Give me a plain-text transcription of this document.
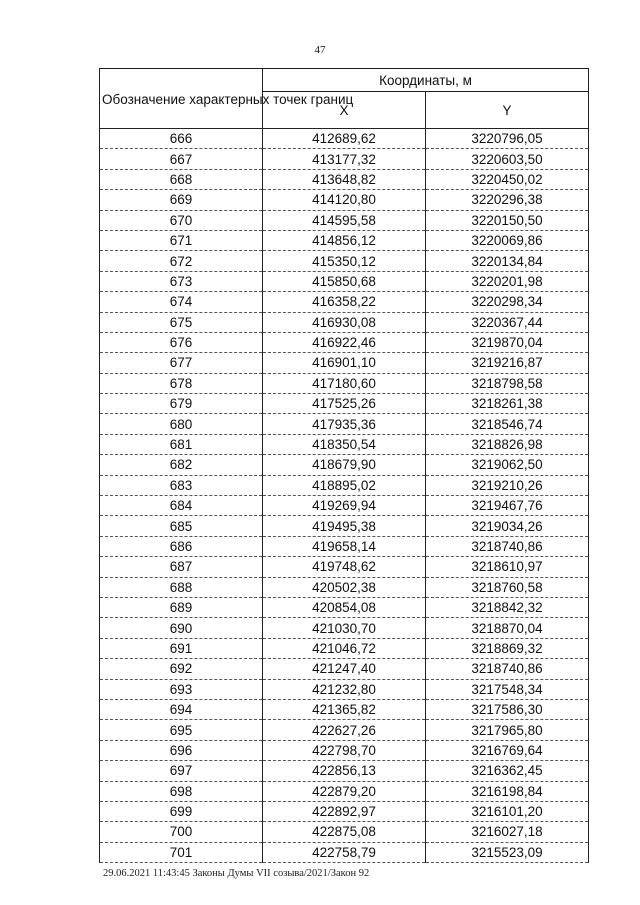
47
Обозначение характерных точек границ	Координаты, м	
	X	Y
666	412689,62	3220796,05
667	413177,32	3220603,50
668	413648,82	3220450,02
669	414120,80	3220296,38
670	414595,58	3220150,50
671	414856,12	3220069,86
672	415350,12	3220134,84
673	415850,68	3220201,98
674	416358,22	3220298,34
675	416930,08	3220367,44
676	416922,46	3219870,04
677	416901,10	3219216,87
678	417180,60	3218798,58
679	417525,26	3218261,38
680	417935,36	3218546,74
681	418350,54	3218826,98
682	418679,90	3219062,50
683	418895,02	3219210,26
684	419269,94	3219467,76
685	419495,38	3219034,26
686	419658,14	3218740,86
687	419748,62	3218610,97
688	420502,38	3218760,58
689	420854,08	3218842,32
690	421030,70	3218870,04
691	421046,72	3218869,32
692	421247,40	3218740,86
693	421232,80	3217548,34
694	421365,82	3217586,30
695	422627,26	3217965,80
696	422798,70	3216769,64
697	422856,13	3216362,45
698	422879,20	3216198,84
699	422892,97	3216101,20
700	422875,08	3216027,18
701	422758,79	3215523,09
29.06.2021 11:43:45 Законы Думы VII созыва/2021/Закон 92
